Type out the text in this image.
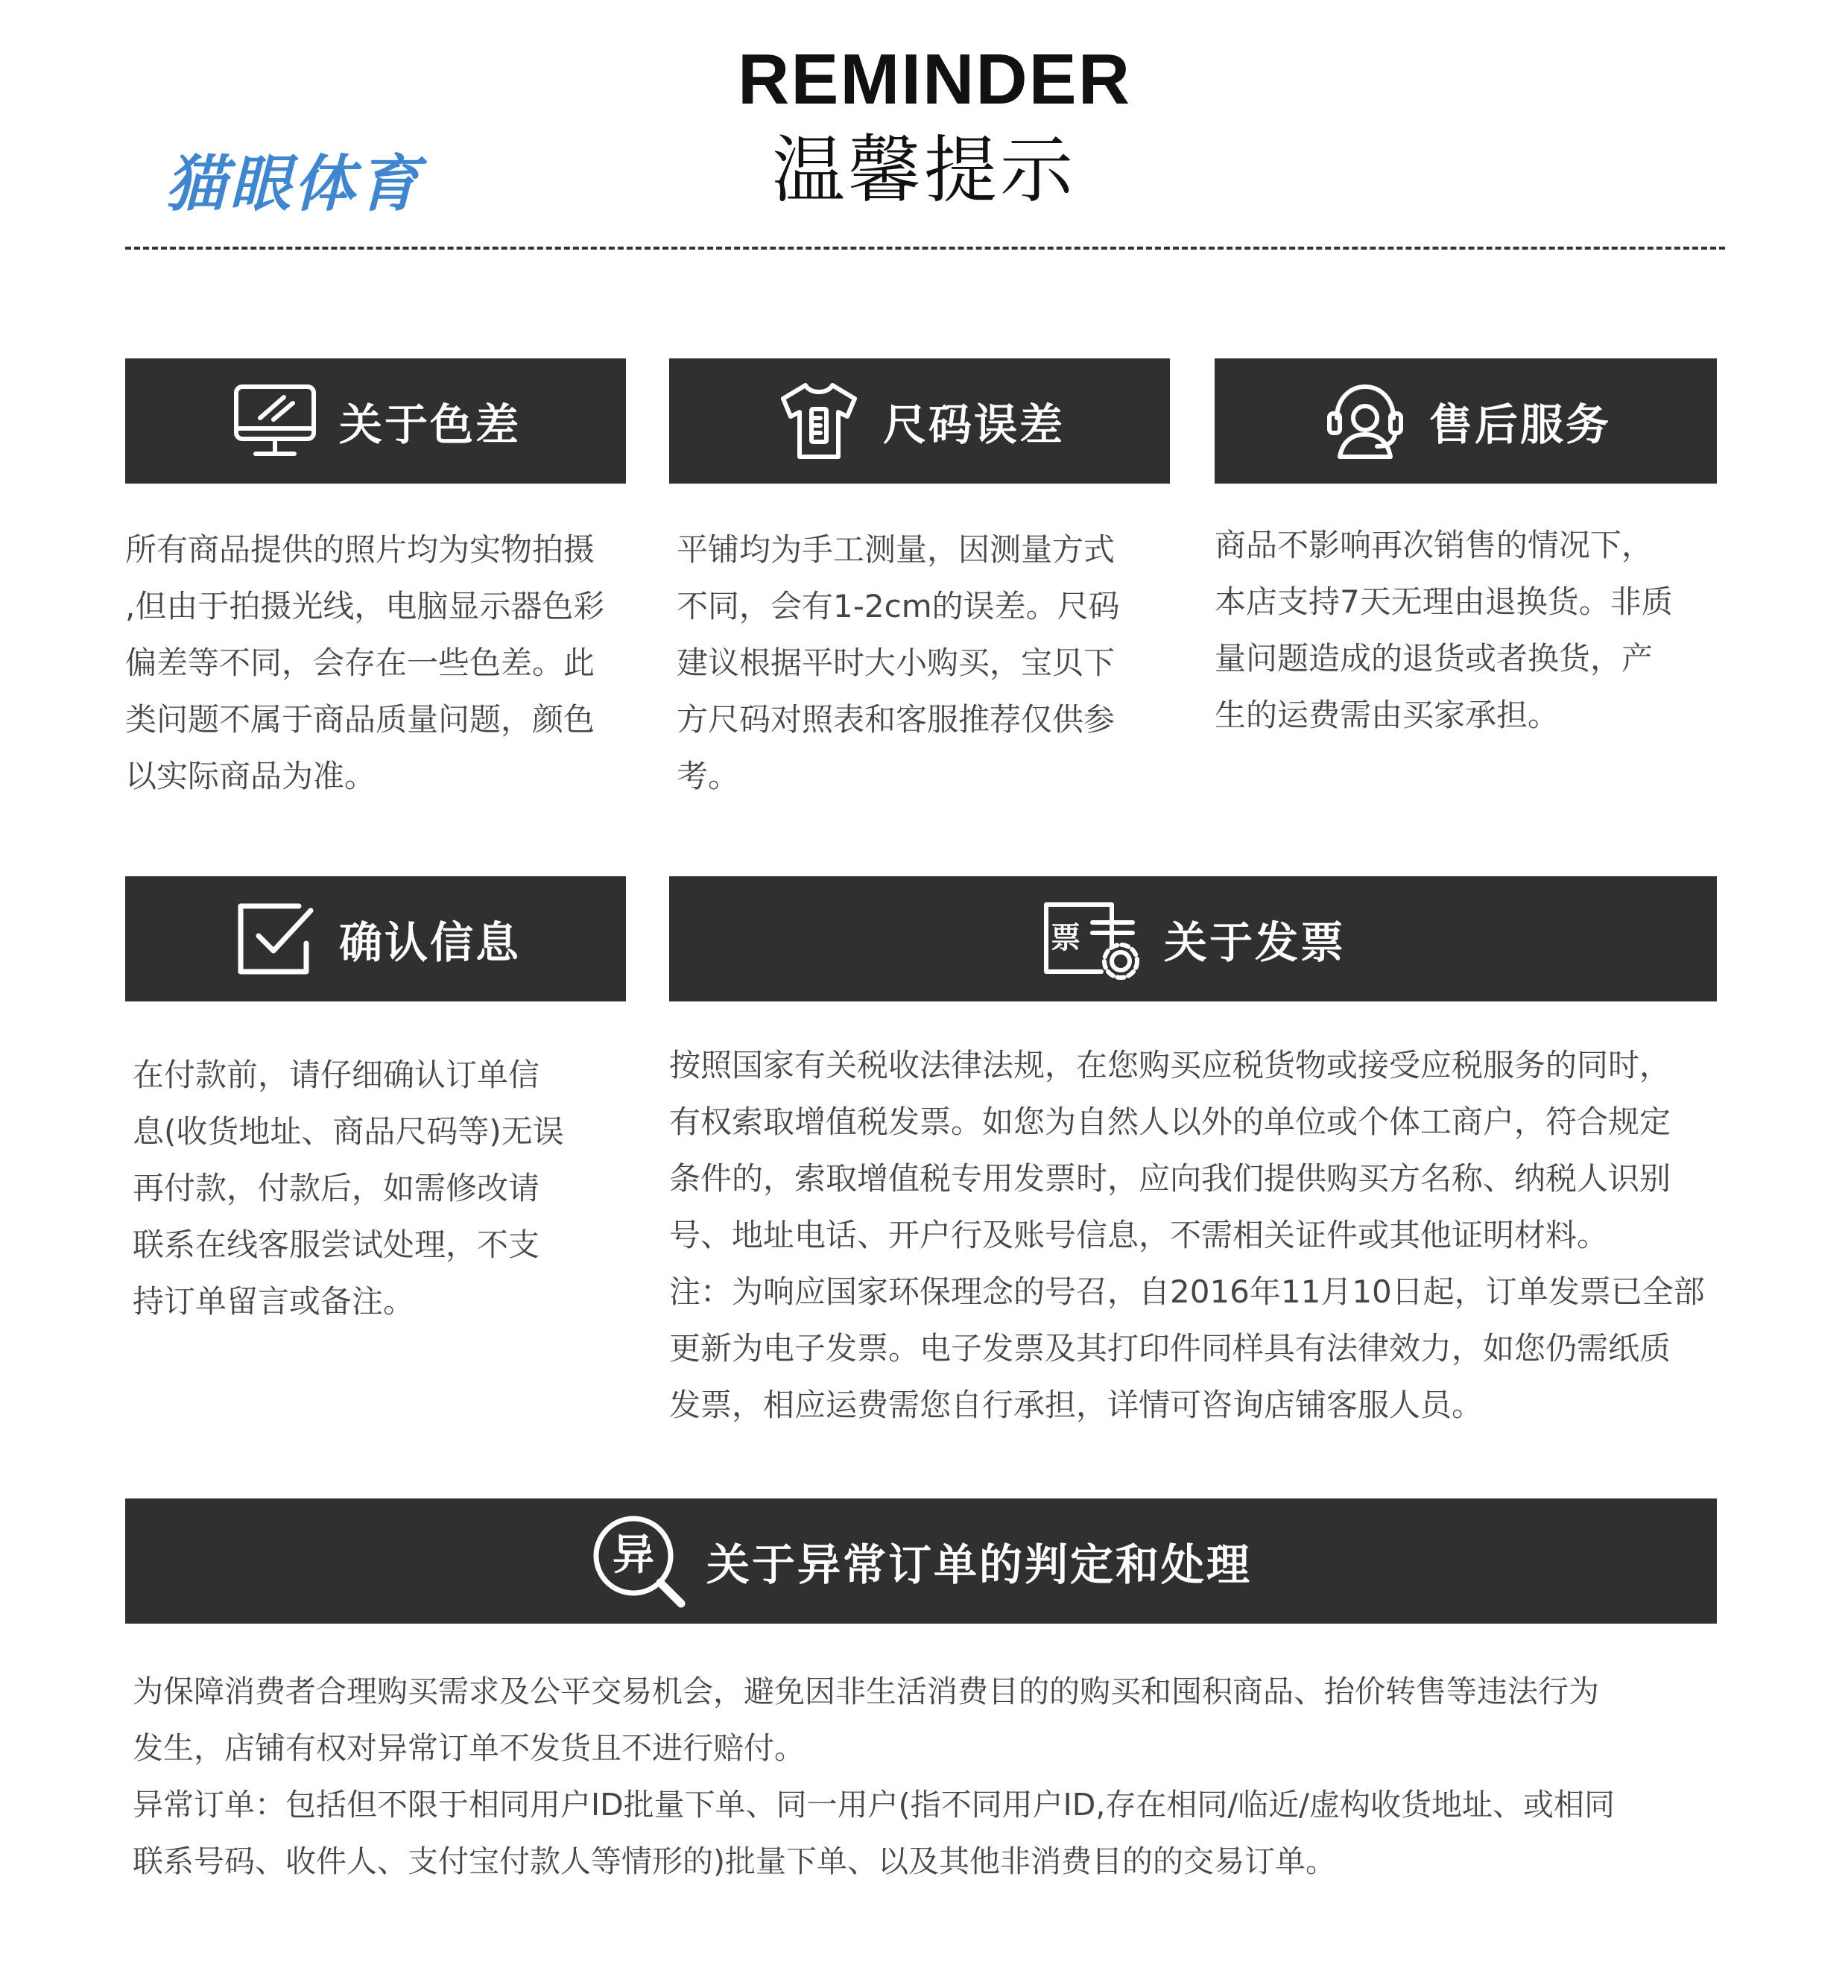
猫眼体育
REMINDER
温馨提示
关于色差

所有商品提供的照片均为实物拍摄

,但由于拍摄光线，电脑显示器色彩

偏差等不同，会存在一些色差。此

类问题不属于商品质量问题，颜色

以实际商品为准。

尺码误差

平铺均为手工测量，因测量方式

不同，会有1-2cm的误差。尺码

建议根据平时大小购买，宝贝下

方尺码对照表和客服推荐仅供参

考。

售后服务

商品不影响再次销售的情况下，

本店支持7天无理由退换货。非质

量问题造成的退货或者换货，产

生的运费需由买家承担。

确认信息

在付款前，请仔细确认订单信

息(收货地址、商品尺码等)无误

再付款，付款后，如需修改请

联系在线客服尝试处理，不支

持订单留言或备注。

票 关于发票

按照国家有关税收法律法规，在您购买应税货物或接受应税服务的同时，

有权索取增值税发票。如您为自然人以外的单位或个体工商户，符合规定

条件的，索取增值税专用发票时，应向我们提供购买方名称、纳税人识别

号、地址电话、开户行及账号信息，不需相关证件或其他证明材料。

注：为响应国家环保理念的号召，自2016年11月10日起，订单发票已全部

更新为电子发票。电子发票及其打印件同样具有法律效力，如您仍需纸质

发票，相应运费需您自行承担，详情可咨询店铺客服人员。

异 关于异常订单的判定和处理

为保障消费者合理购买需求及公平交易机会，避免因非生活消费目的的购买和囤积商品、抬价转售等违法行为

发生，店铺有权对异常订单不发货且不进行赔付。

异常订单：包括但不限于相同用户ID批量下单、同一用户(指不同用户ID,存在相同/临近/虚构收货地址、或相同

联系号码、收件人、支付宝付款人等情形的)批量下单、以及其他非消费目的的交易订单。
